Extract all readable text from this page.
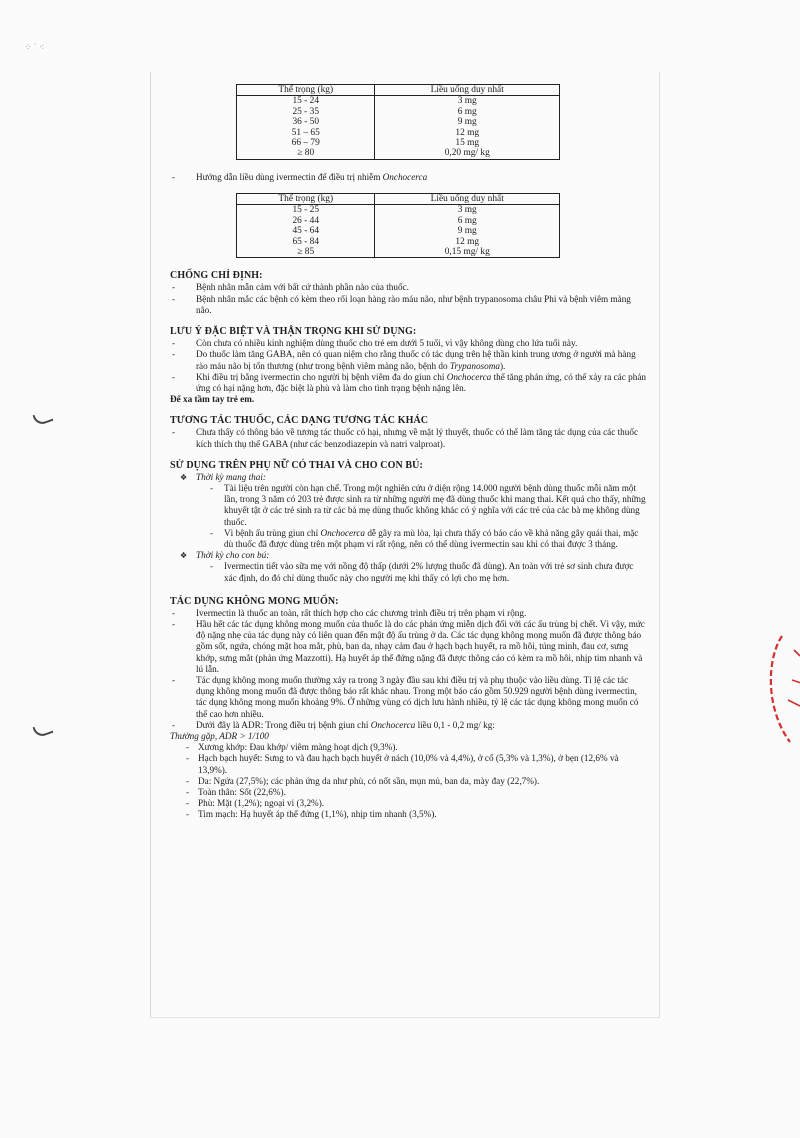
⁘ ˙ ⁖
Thể trọng (kg)	Liều uống duy nhất
15 - 24	3 mg
25 - 35	6 mg
36 - 50	9 mg
51 – 65	12 mg
66 – 79	15 mg
≥ 80	0,20 mg/ kg

- Hướng dẫn liều dùng ivermectin để điều trị nhiễm Onchocerca

Thể trọng (kg)	Liều uống duy nhất
15 - 25	3 mg
26 - 44	6 mg
45 - 64	9 mg
65 - 84	12 mg
≥ 85	0,15 mg/ kg
CHỐNG CHỈ ĐỊNH:

- Bệnh nhân mẫn cảm với bất cứ thành phần nào của thuốc.

- Bệnh nhân mắc các bệnh có kèm theo rối loạn hàng rào máu não, như bệnh trypanosoma châu Phi và bệnh viêm màng não.

LƯU Ý ĐẶC BIỆT VÀ THẬN TRỌNG KHI SỬ DỤNG:

- Còn chưa có nhiều kinh nghiệm dùng thuốc cho trẻ em dưới 5 tuổi, vì vậy không dùng cho lứa tuổi này.

- Do thuốc làm tăng GABA, nên có quan niệm cho rằng thuốc có tác dụng trên hệ thần kinh trung ương ở người mà hàng rào máu não bị tổn thương (như trong bệnh viêm màng não, bệnh do Trypanosoma).

- Khi điều trị bằng ivermectin cho người bị bệnh viêm đa do giun chỉ Onchocerca thể tăng phản ứng, có thể xảy ra các phản ứng có hại nặng hơn, đặc biệt là phù và làm cho tình trạng bệnh nặng lên.

Để xa tầm tay trẻ em.

TƯƠNG TÁC THUỐC, CÁC DẠNG TƯƠNG TÁC KHÁC

- Chưa thấy có thông báo về tương tác thuốc có hại, nhưng về mặt lý thuyết, thuốc có thể làm tăng tác dụng của các thuốc kích thích thụ thể GABA (như các benzodiazepin và natri valproat).

SỬ DỤNG TRÊN PHỤ NỮ CÓ THAI VÀ CHO CON BÚ:

❖ Thời kỳ mang thai:

- Tài liệu trên người còn hạn chế. Trong một nghiên cứu ở diện rộng 14.000 người bệnh dùng thuốc mỗi năm một lần, trong 3 năm có 203 trẻ được sinh ra từ những người mẹ đã dùng thuốc khi mang thai. Kết quả cho thấy, những khuyết tật ở các trẻ sinh ra từ các bà mẹ dùng thuốc không khác có ý nghĩa với các trẻ của các bà mẹ không dùng thuốc.

- Vì bệnh ấu trùng giun chỉ Onchocerca dễ gây ra mù lòa, lại chưa thấy có báo cáo về khả năng gây quái thai, mặc dù thuốc đã được dùng trên một phạm vi rất rộng, nên có thể dùng ivermectin sau khi có thai được 3 tháng.

❖ Thời kỳ cho con bú:

- Ivermectin tiết vào sữa mẹ với nồng độ thấp (dưới 2% lượng thuốc đã dùng). An toàn với trẻ sơ sinh chưa được xác định, do đó chỉ dùng thuốc này cho người mẹ khi thấy có lợi cho mẹ hơn.

TÁC DỤNG KHÔNG MONG MUỐN:

- Ivermectin là thuốc an toàn, rất thích hợp cho các chương trình điều trị trên phạm vi rộng.

- Hầu hết các tác dụng không mong muốn của thuốc là do các phản ứng miễn dịch đối với các ấu trùng bị chết. Vì vậy, mức độ nặng nhẹ của tác dụng này có liên quan đến mật độ ấu trùng ở da. Các tác dụng không mong muốn đã được thông báo gồm sốt, ngứa, chóng mặt hoa mắt, phù, ban da, nhạy cảm đau ở hạch bạch huyết, ra mồ hôi, túng mình, đau cơ, sưng khớp, sưng mắt (phản ứng Mazzotti). Hạ huyết áp thế đứng nặng đã được thông cáo có kèm ra mồ hôi, nhịp tim nhanh và lú lẫn.

- Tác dụng không mong muốn thường xảy ra trong 3 ngày đầu sau khi điều trị và phụ thuộc vào liều dùng. Tỉ lệ các tác dụng không mong muốn đã được thông báo rất khác nhau. Trong một báo cáo gồm 50.929 người bệnh dùng ivermectin, tác dụng không mong muốn khoảng 9%. Ở những vùng có dịch lưu hành nhiều, tỷ lệ các tác dụng không mong muốn có thể cao hơn nhiều.

- Dưới đây là ADR: Trong điều trị bệnh giun chỉ Onchocerca liều 0,1 - 0,2 mg/ kg:

Thường gặp, ADR > 1/100

- Xương khớp: Đau khớp/ viêm màng hoạt dịch (9,3%).

- Hạch bạch huyết: Sưng to và đau hạch bạch huyết ở nách (10,0% và 4,4%), ở cổ (5,3% và 1,3%), ở bẹn (12,6% và 13,9%).

- Da: Ngứa (27,5%); các phản ứng da như phù, có nốt sần, mụn mủ, ban da, mày đay (22,7%).

- Toàn thân: Sốt (22,6%).

- Phù: Mặt (1,2%); ngoại vi (3,2%).

- Tim mạch: Hạ huyết áp thế đứng (1,1%), nhịp tim nhanh (3,5%).
